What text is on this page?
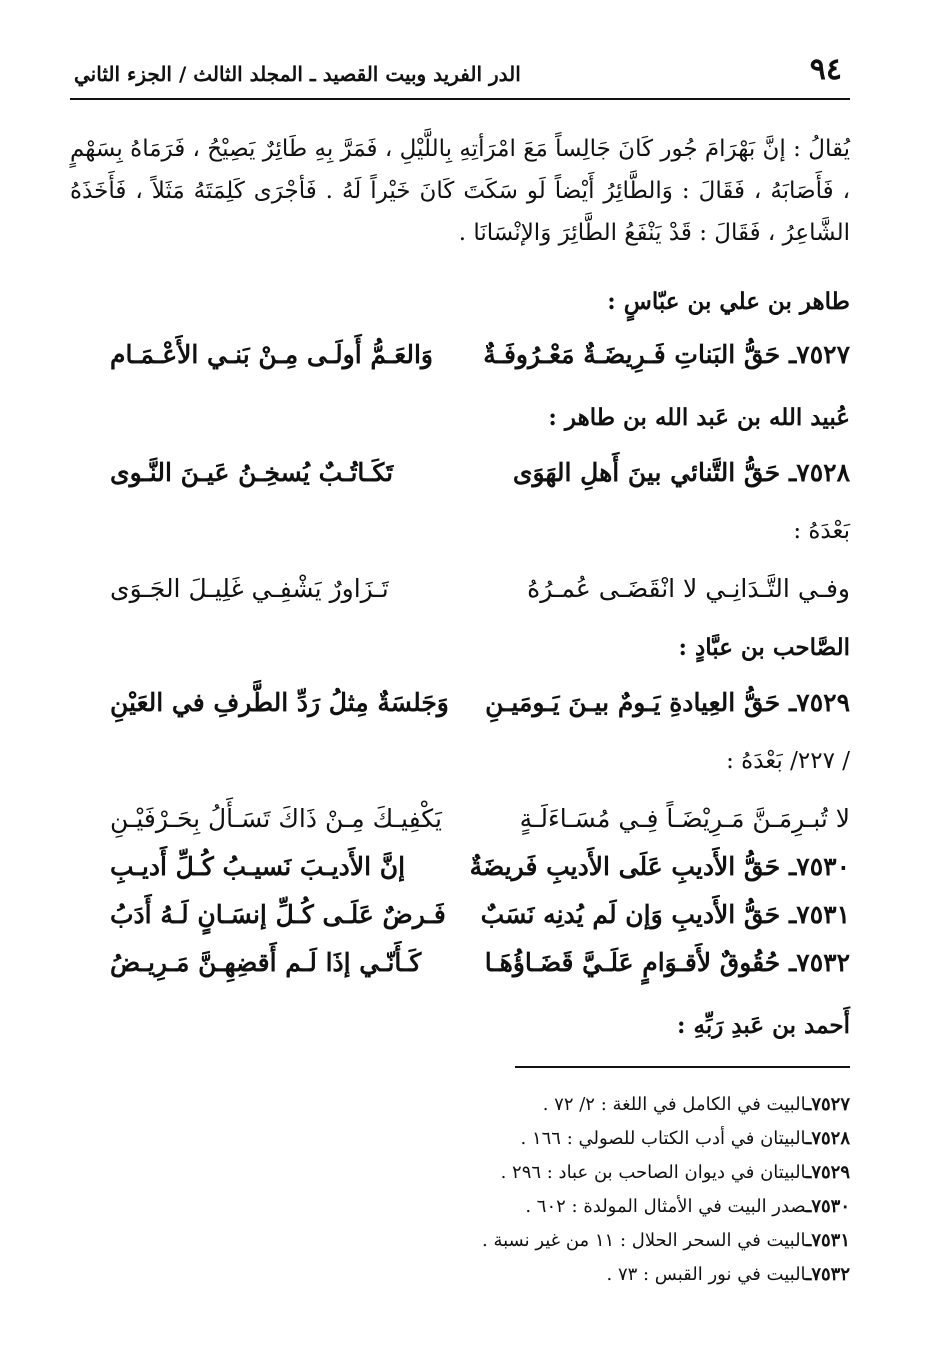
٩٤
الدر الفريد وبيت القصيد ـ المجلد الثالث / الجزء الثاني
يُقالُ : إنَّ بَهْرَامَ جُور كَانَ جَالِساً مَعَ امْرَأتِهِ بِاللَّيْلِ ، فَمَرَّ بِهِ طَائِرٌ يَصِيْحُ ، فَرَمَاهُ بِسَهْمٍ ، فَأَصَابَهُ ، فَقَالَ : وَالطَّائِرُ أَيْضاً لَو سَكَتَ كَانَ خَيْراً لَهُ . فَأجْرَى كَلِمَتَهُ مَثَلاً ، فَأَخَذَهُ الشَّاعِرُ ، فَقَالَ : قَدْ يَنْفَعُ الطَّائِرَ وَالإنْسَانَا .
طاهر بن علي بن عبّاسٍ :
٧٥٢٧ـ حَقُّ البَناتِ فَـرِيضَـةٌ مَعْـرُوفَـةٌ
وَالعَـمُّ أَولَـى مِـنْ بَنـي الأَعْـمَـام
عُبيد الله بن عَبد الله بن طاهر :
٧٥٢٨ـ حَقُّ التَّنائي بينَ أَهلِ الهَوَى
تَكَـاتُـبٌ يُسخِـنُ عَيـنَ النَّـوى
بَعْدَهُ :
وفـي التَّـدَانِـي لا انْقَضَـى عُمـرُهُ
تَـزَاورٌ يَشْفِـي غَلِيـلَ الجَـوَى
الصَّاحب بن عبَّادٍ :
٧٥٢٩ـ حَقُّ العِيادةِ يَـومٌ بيـنَ يَـومَيـنِ
وَجَلسَةٌ مِثلُ رَدِّ الطَّرفِ في العَيْنِ
/ ٢٢٧/ بَعْدَهُ :
لا تُبـرِمَـنَّ مَـرِيْضَـاً فِـي مُسَـاءَلَـةٍ
يَكْفِيـكَ مِـنْ ذَاكَ تَسَـأَلُ بِحَـرْفَيْـنِ
٧٥٣٠ـ حَقُّ الأَديبِ عَلَى الأَديبِ فَريضَةٌ
إنَّ الأَديـبَ نَسيـبُ كُـلِّ أَديـبِ
٧٥٣١ـ حَقُّ الأَديبِ وَإن لَم يُدنِه نَسَبٌ
فَـرضٌ عَلَـى كُـلِّ إنسَـانٍ لَـهُ أَدَبُ
٧٥٣٢ـ حُقُوقٌ لأَقـوَامٍ عَلَـيَّ قَضَـاؤُهَـا
كَـأَنّـي إذَا لَـم أَقضِهِـنَّ مَـرِيـضُ
أَحمد بن عَبدِ رَبِّهِ :
٧٥٢٧ـالبيت في الكامل في اللغة : ٢/ ٧٢ .
٧٥٢٨ـالبيتان في أدب الكتاب للصولي : ١٦٦ .
٧٥٢٩ـالبيتان في ديوان الصاحب بن عباد : ٢٩٦ .
٧٥٣٠ـصدر البيت في الأمثال المولدة : ٦٠٢ .
٧٥٣١ـالبيت في السحر الحلال : ١١ من غير نسبة .
٧٥٣٢ـالبيت في نور القبس : ٧٣ .
